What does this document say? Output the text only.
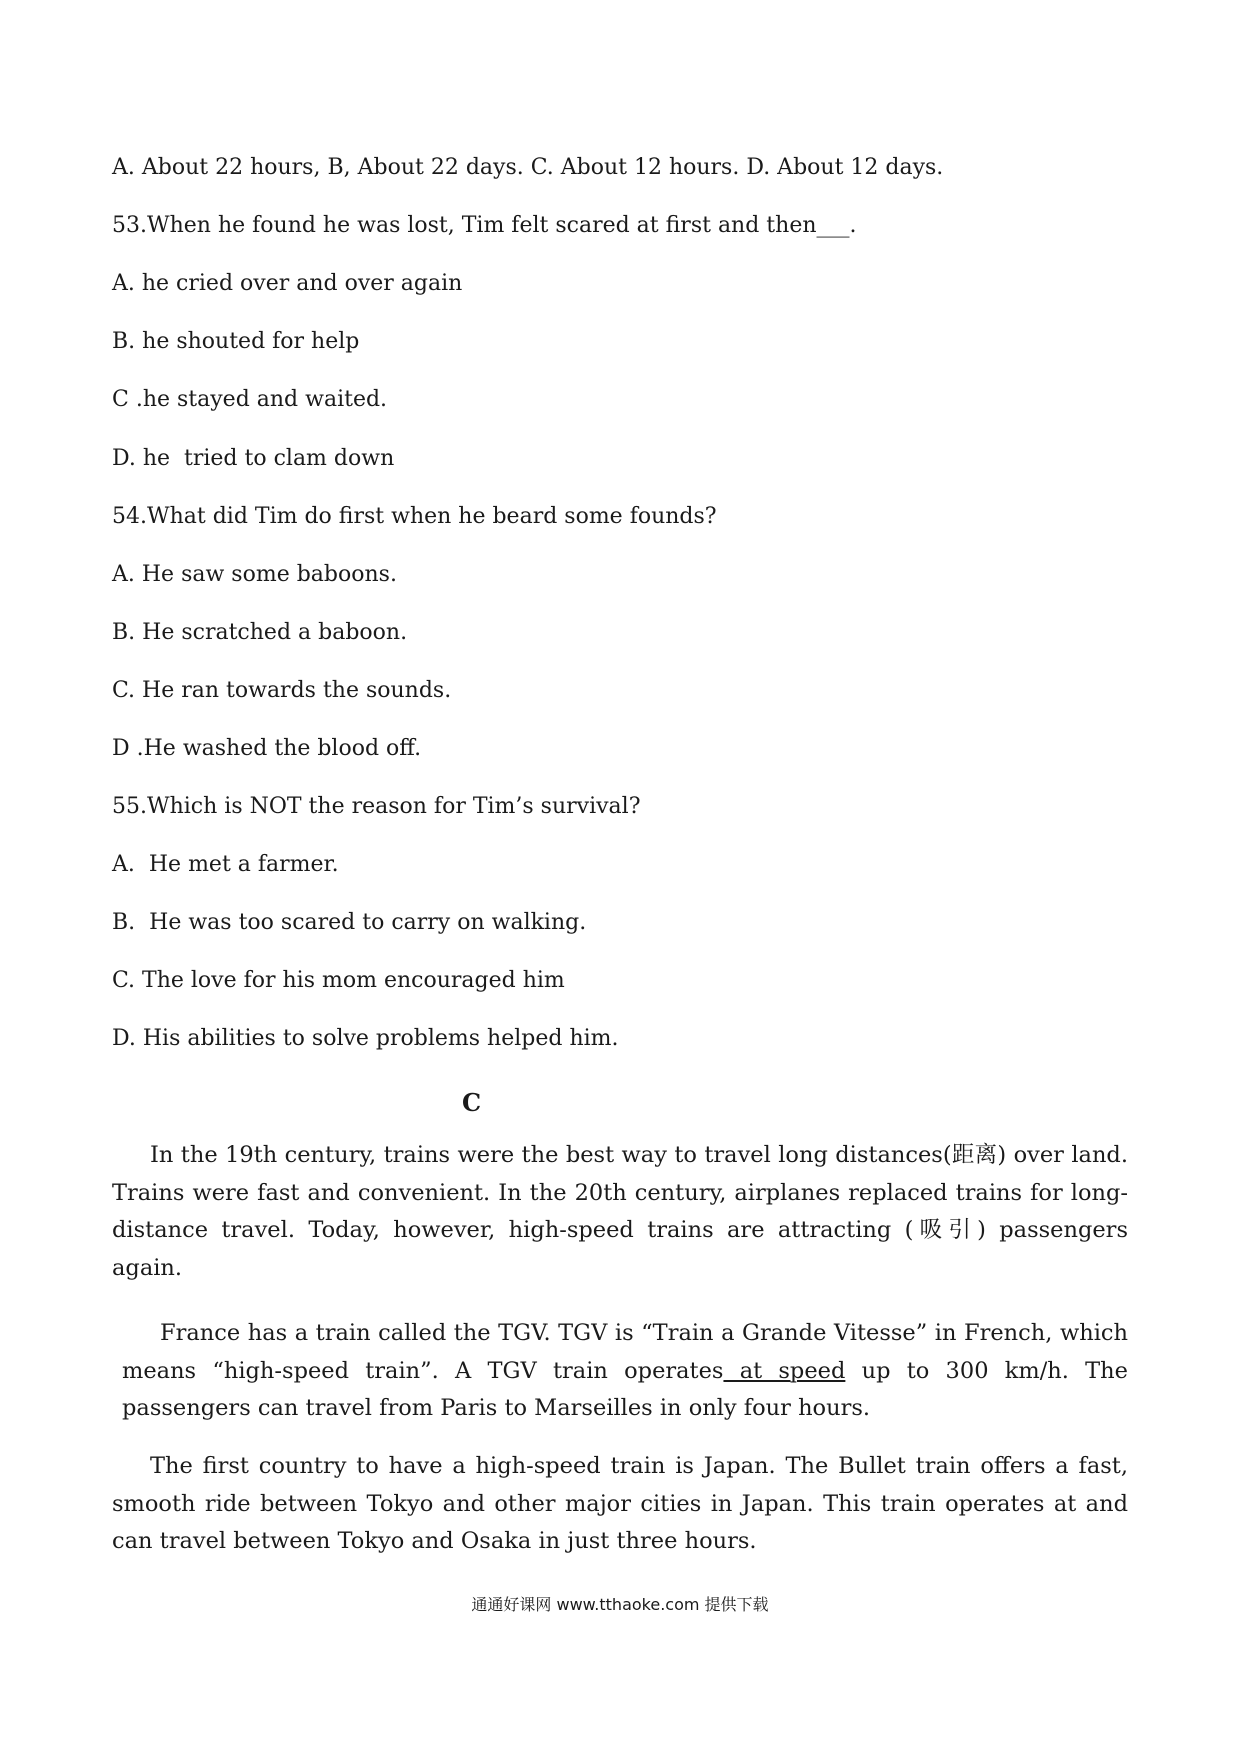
A. About 22 hours, B, About 22 days. C. About 12 hours. D. About 12 days.
53.When he found he was lost, Tim felt scared at first and then___.
A. he cried over and over again
B. he shouted for help
C .he stayed and waited.
D. he  tried to clam down
54.What did Tim do first when he beard some founds?
A. He saw some baboons.
B. He scratched a baboon.
C. He ran towards the sounds.
D .He washed the blood off.
55.Which is NOT the reason for Tim’s survival?
A.  He met a farmer.
B.  He was too scared to carry on walking.
C. The love for his mom encouraged him
D. His abilities to solve problems helped him.
C
In the 19th century, trains were the best way to travel long distances(距离) over land. Trains were fast and convenient. In the 20th century, airplanes replaced trains for long-distance travel. Today, however, high-speed trains are attracting (吸引) passengers again.
France has a train called the TGV. TGV is “Train a Grande Vitesse” in French, which means “high-speed train”. A TGV train operates at speed up to 300 km/h. The passengers can travel from Paris to Marseilles in only four hours.
The first country to have a high-speed train is Japan. The Bullet train offers a fast, smooth ride between Tokyo and other major cities in Japan. This train operates at and can travel between Tokyo and Osaka in just three hours.
通通好课网 www.tthaoke.com 提供下载
